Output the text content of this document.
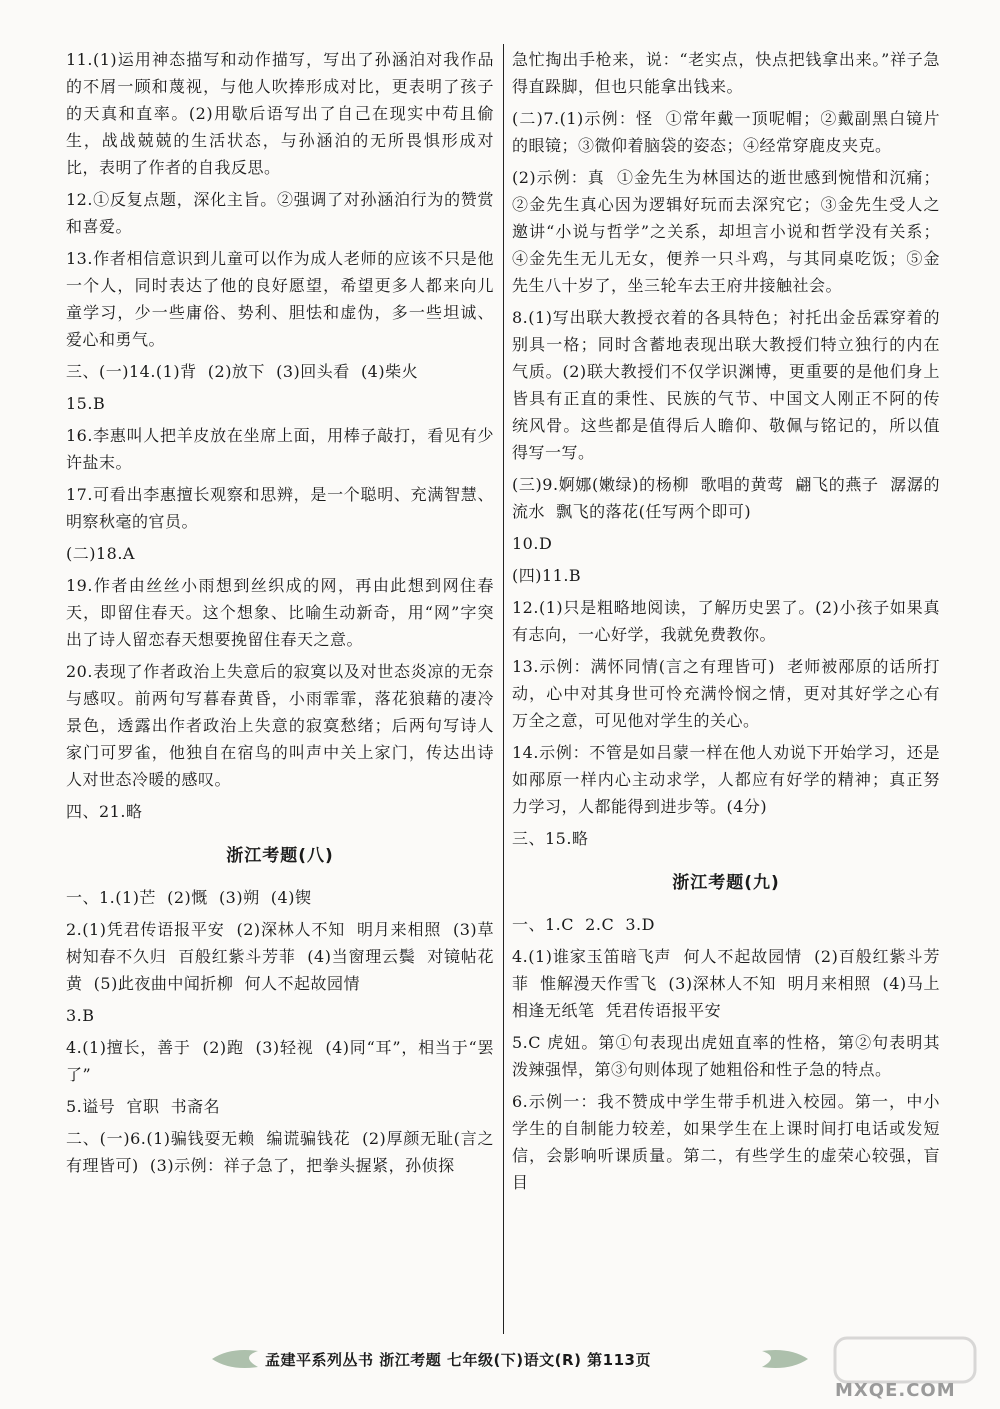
11.(1)运用神态描写和动作描写，写出了孙涵泊对我作品的不屑一顾和蔑视，与他人吹捧形成对比，更表明了孩子的天真和直率。(2)用歇后语写出了自己在现实中苟且偷生，战战兢兢的生活状态，与孙涵泊的无所畏惧形成对比，表明了作者的自我反思。

12.①反复点题，深化主旨。②强调了对孙涵泊行为的赞赏和喜爱。

13.作者相信意识到儿童可以作为成人老师的应该不只是他一个人，同时表达了他的良好愿望，希望更多人都来向儿童学习，少一些庸俗、势利、胆怯和虚伪，多一些坦诚、爱心和勇气。

三、(一)14.(1)背  (2)放下  (3)回头看  (4)柴火

15.B

16.李惠叫人把羊皮放在坐席上面，用棒子敲打，看见有少许盐末。

17.可看出李惠擅长观察和思辨，是一个聪明、充满智慧、明察秋毫的官员。

(二)18.A

19.作者由丝丝小雨想到丝织成的网，再由此想到网住春天，即留住春天。这个想象、比喻生动新奇，用“网”字突出了诗人留恋春天想要挽留住春天之意。

20.表现了作者政治上失意后的寂寞以及对世态炎凉的无奈与感叹。前两句写暮春黄昏，小雨霏霏，落花狼藉的凄冷景色，透露出作者政治上失意的寂寞愁绪；后两句写诗人家门可罗雀，他独自在宿鸟的叫声中关上家门，传达出诗人对世态冷暖的感叹。

四、21.略

浙江考题(八)

一、1.(1)芒  (2)慨  (3)朔  (4)锲

2.(1)凭君传语报平安  (2)深林人不知  明月来相照  (3)草树知春不久归  百般红紫斗芳菲  (4)当窗理云鬓  对镜帖花黄  (5)此夜曲中闻折柳  何人不起故园情

3.B

4.(1)擅长，善于  (2)跑  (3)轻视  (4)同“耳”，相当于“罢了”

5.谥号  官职  书斋名

二、(一)6.(1)骗钱耍无赖  编谎骗钱花  (2)厚颜无耻(言之有理皆可)  (3)示例：祥子急了，把拳头握紧，孙侦探

急忙掏出手枪来，说：“老实点，快点把钱拿出来。”祥子急得直跺脚，但也只能拿出钱来。

(二)7.(1)示例：怪  ①常年戴一顶呢帽；②戴副黑白镜片的眼镜；③微仰着脑袋的姿态；④经常穿鹿皮夹克。

(2)示例：真  ①金先生为林国达的逝世感到惋惜和沉痛；②金先生真心因为逻辑好玩而去深究它；③金先生受人之邀讲“小说与哲学”之关系，却坦言小说和哲学没有关系；④金先生无儿无女，便养一只斗鸡，与其同桌吃饭；⑤金先生八十岁了，坐三轮车去王府井接触社会。

8.(1)写出联大教授衣着的各具特色；衬托出金岳霖穿着的别具一格；同时含蓄地表现出联大教授们特立独行的内在气质。(2)联大教授们不仅学识渊博，更重要的是他们身上皆具有正直的秉性、民族的气节、中国文人刚正不阿的传统风骨。这些都是值得后人瞻仰、敬佩与铭记的，所以值得写一写。

(三)9.婀娜(嫩绿)的杨柳  歌唱的黄莺  翩飞的燕子  潺潺的流水  飘飞的落花(任写两个即可)

10.D

(四)11.B

12.(1)只是粗略地阅读，了解历史罢了。(2)小孩子如果真有志向，一心好学，我就免费教你。

13.示例：满怀同情(言之有理皆可)  老师被邴原的话所打动，心中对其身世可怜充满怜悯之情，更对其好学之心有万全之意，可见他对学生的关心。

14.示例：不管是如吕蒙一样在他人劝说下开始学习，还是如邴原一样内心主动求学，人都应有好学的精神；真正努力学习，人都能得到进步等。(4分)

三、15.略

浙江考题(九)

一、1.C  2.C  3.D

4.(1)谁家玉笛暗飞声  何人不起故园情  (2)百般红紫斗芳菲  惟解漫天作雪飞  (3)深林人不知  明月来相照  (4)马上相逢无纸笔  凭君传语报平安

5.C 虎妞。第①句表现出虎妞直率的性格，第②句表明其泼辣强悍，第③句则体现了她粗俗和性子急的特点。

6.示例一：我不赞成中学生带手机进入校园。第一，中小学生的自制能力较差，如果学生在上课时间打电话或发短信，会影响听课质量。第二，有些学生的虚荣心较强，盲目

孟建平系列丛书 浙江考题 七年级(下)语文(R) 第113页
MXQE.COM
